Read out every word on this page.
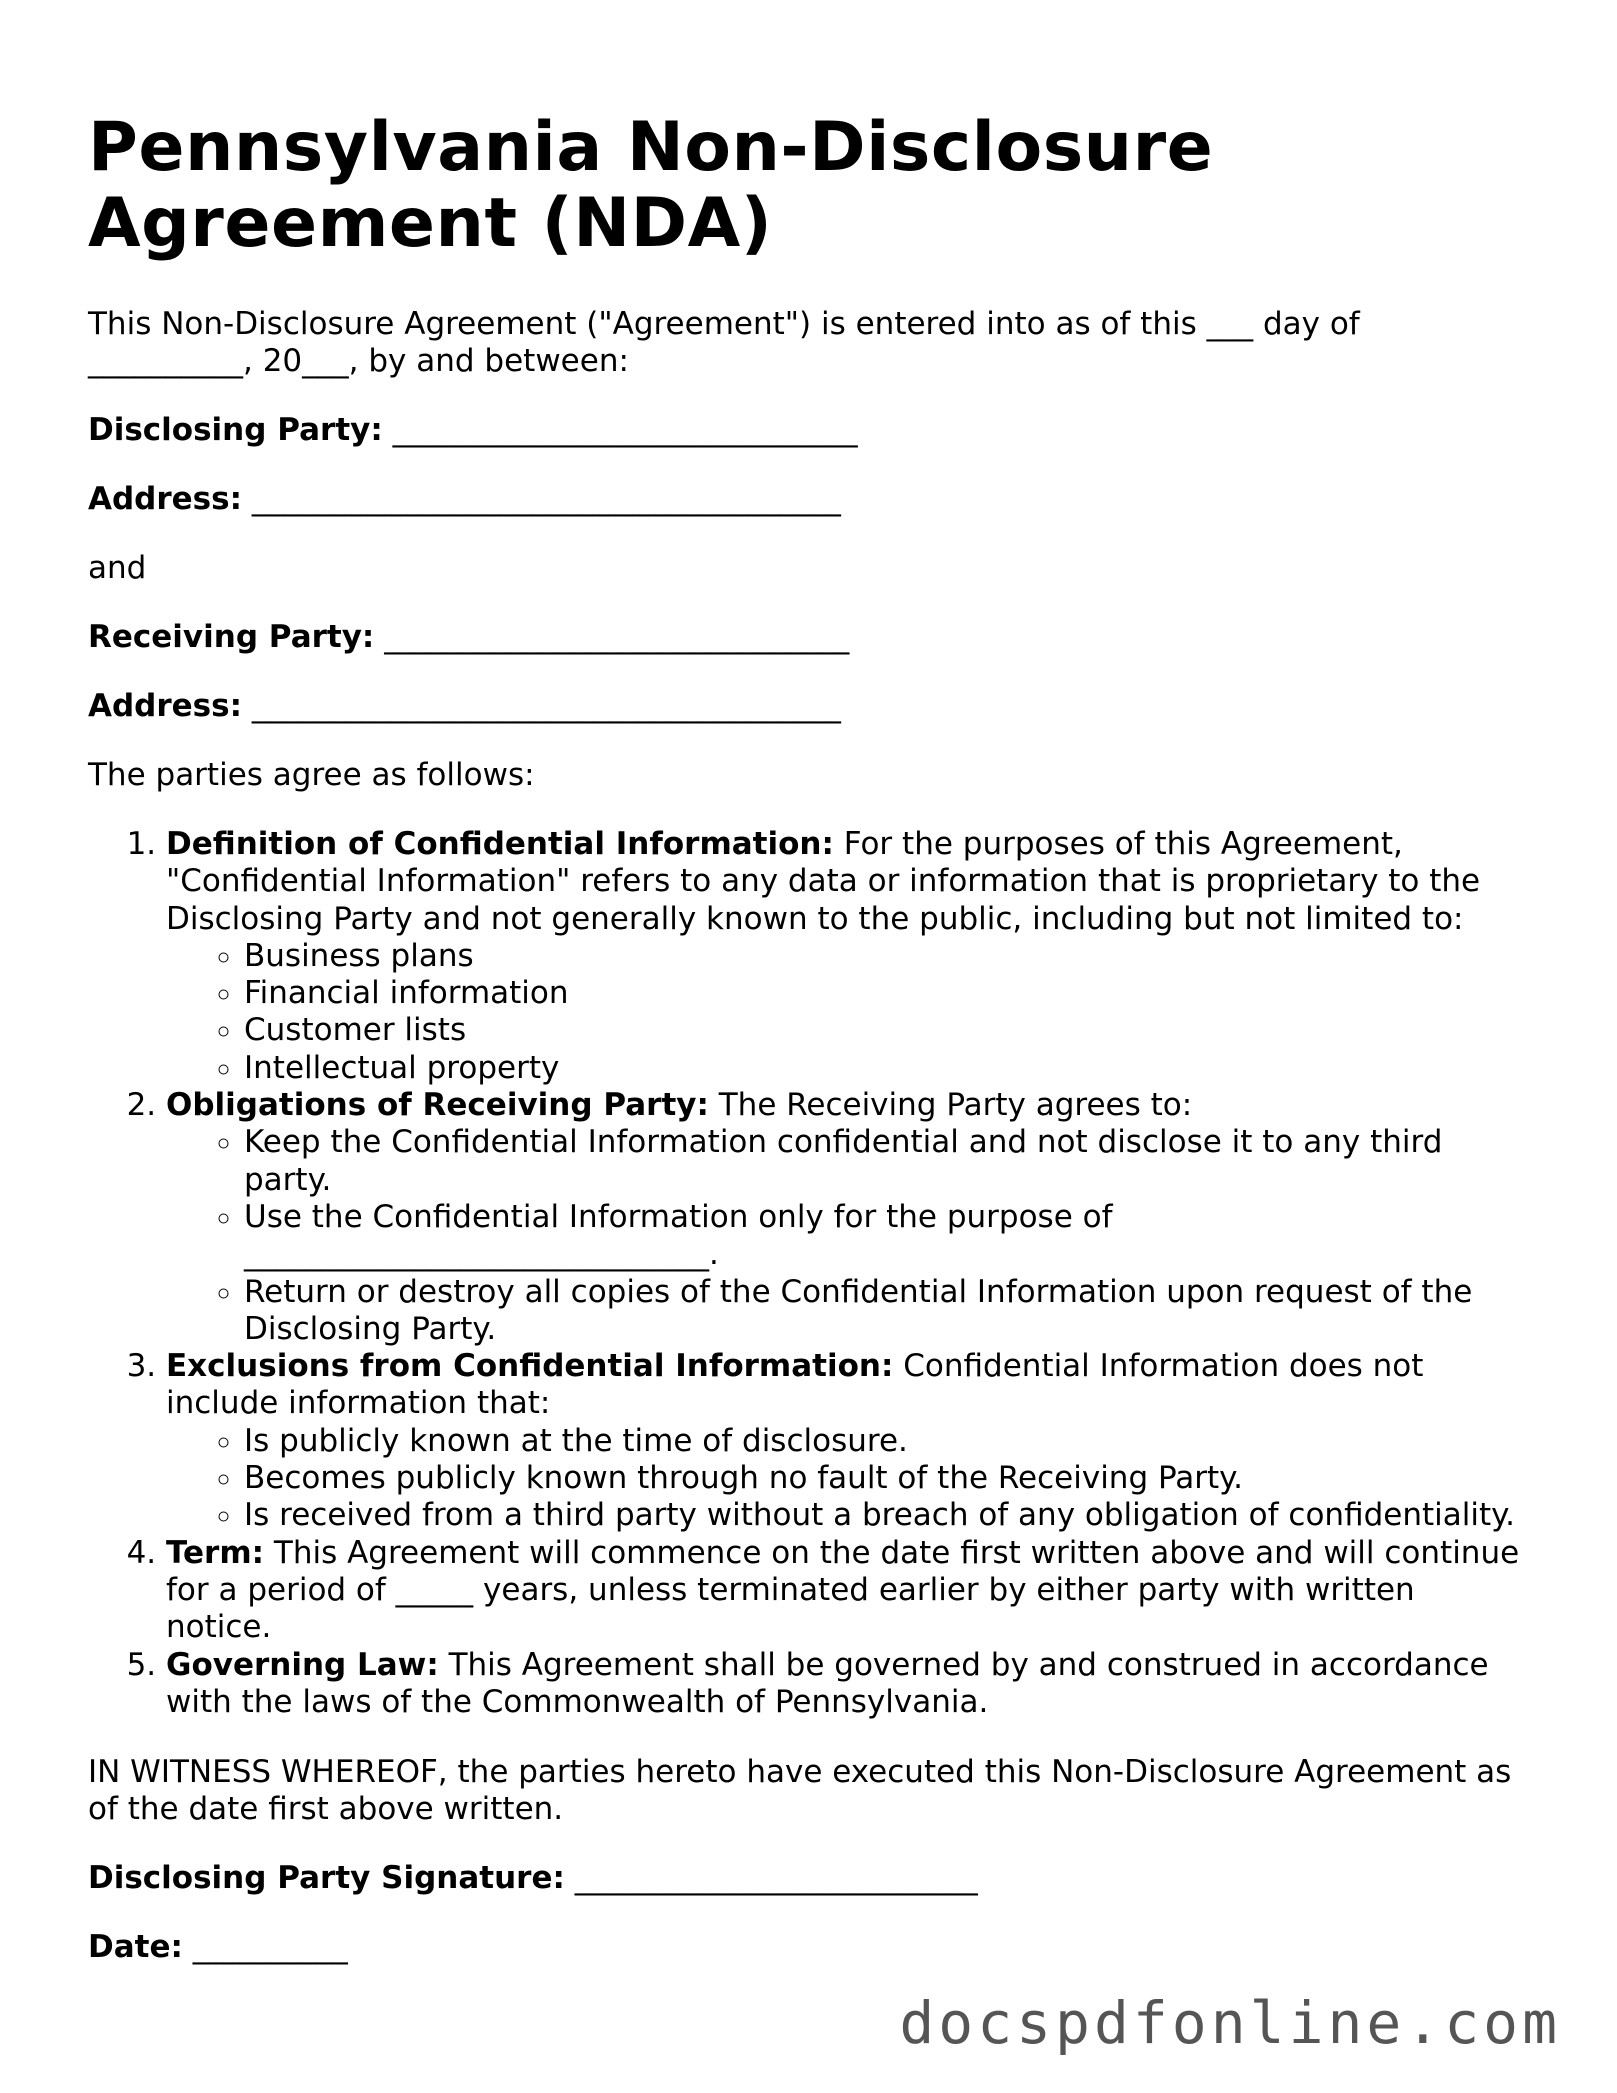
Pennsylvania Non-Disclosure Agreement (NDA)

This Non-Disclosure Agreement ("Agreement") is entered into as of this ___ day of __________, 20___, by and between:

Disclosing Party: ______________________________
Address: ______________________________________

and

Receiving Party: ______________________________
Address: ______________________________________

The parties agree as follows:

1. Definition of Confidential Information: For the purposes of this Agreement, "Confidential Information" refers to any data or information that is proprietary to the Disclosing Party and not generally known to the public, including but not limited to:
◦ Business plans
◦ Financial information
◦ Customer lists
◦ Intellectual property
2. Obligations of Receiving Party: The Receiving Party agrees to:
◦ Keep the Confidential Information confidential and not disclose it to any third party.
◦ Use the Confidential Information only for the purpose of ______________________________.
◦ Return or destroy all copies of the Confidential Information upon request of the Disclosing Party.
3. Exclusions from Confidential Information: Confidential Information does not include information that:
◦ Is publicly known at the time of disclosure.
◦ Becomes publicly known through no fault of the Receiving Party.
◦ Is received from a third party without a breach of any obligation of confidentiality.
4. Term: This Agreement will commence on the date first written above and will continue for a period of _____ years, unless terminated earlier by either party with written notice.
5. Governing Law: This Agreement shall be governed by and construed in accordance with the laws of the Commonwealth of Pennsylvania.

IN WITNESS WHEREOF, the parties hereto have executed this Non-Disclosure Agreement as of the date first above written.

Disclosing Party Signature: __________________________
Date: __________
docspdfonline.com
